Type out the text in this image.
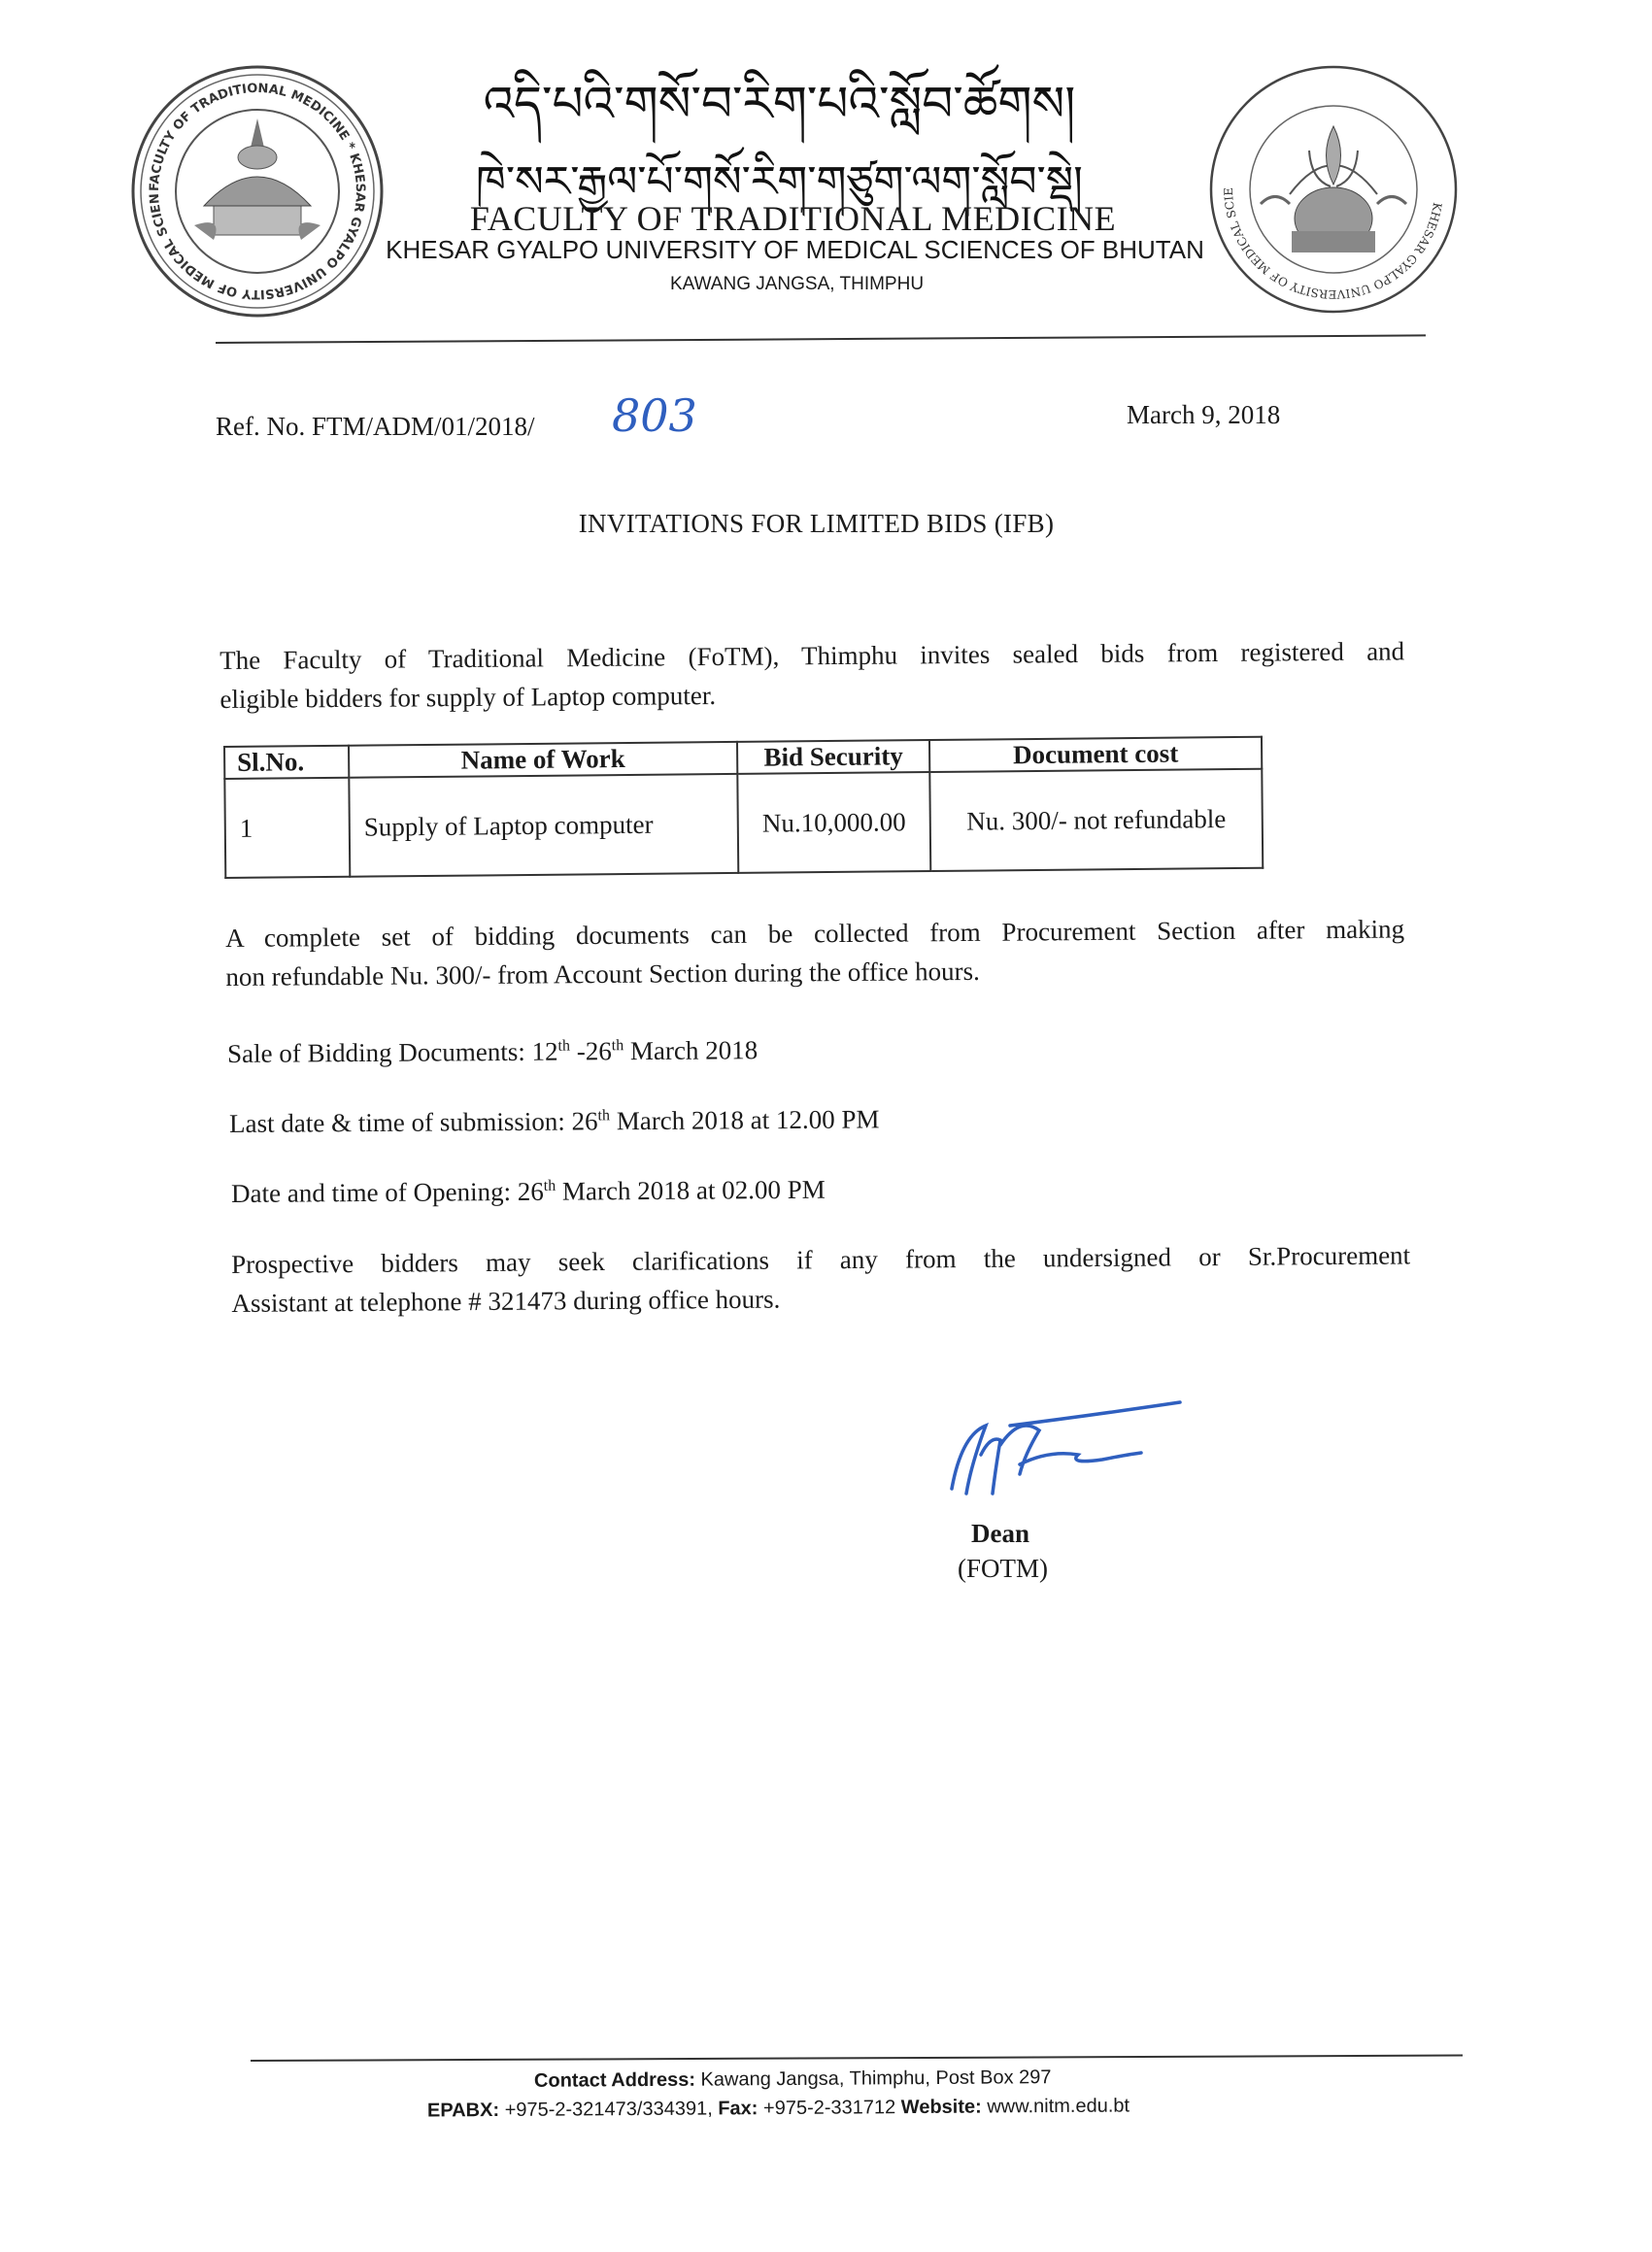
FACULTY OF TRADITIONAL MEDICINE * KHESAR GYALPO UNIVERSITY OF MEDICAL SCIEN
KHESAR GYALPO UNIVERSITY OF MEDICAL SCIE
འདི་པའི་གསོ་བ་རིག་པའི་སློབ་ཚོགས།
ཁེ་སར་རྒྱལ་པོ་གསོ་རིག་གཙུག་ལག་སློབ་སྡེ།
FACULTY OF TRADITIONAL MEDICINE
KHESAR GYALPO UNIVERSITY OF MEDICAL SCIENCES OF BHUTAN
KAWANG JANGSA, THIMPHU
Ref. No. FTM/ADM/01/2018/ 803	March 9, 2018
INVITATIONS FOR LIMITED BIDS (IFB)
The Faculty of Traditional Medicine (FoTM), Thimphu invites sealed bids from registered and
eligible bidders for supply of Laptop computer.
Sl.No.	Name of Work	Bid Security	Document cost
1	Supply of Laptop computer	Nu.10,000.00	Nu. 300/- not refundable
A complete set of bidding documents can be collected from Procurement Section after making
non refundable Nu. 300/- from Account Section during the office hours.
Sale of Bidding Documents: 12th -26th March 2018
Last date & time of submission: 26th March 2018 at 12.00 PM
Date and time of Opening: 26th March 2018 at 02.00 PM
Prospective bidders may seek clarifications if any from the undersigned or Sr.Procurement
Assistant at telephone # 321473 during office hours.
Dean
(FOTM)
Contact Address: Kawang Jangsa, Thimphu, Post Box 297
EPABX: +975-2-321473/334391, Fax: +975-2-331712 Website: www.nitm.edu.bt
